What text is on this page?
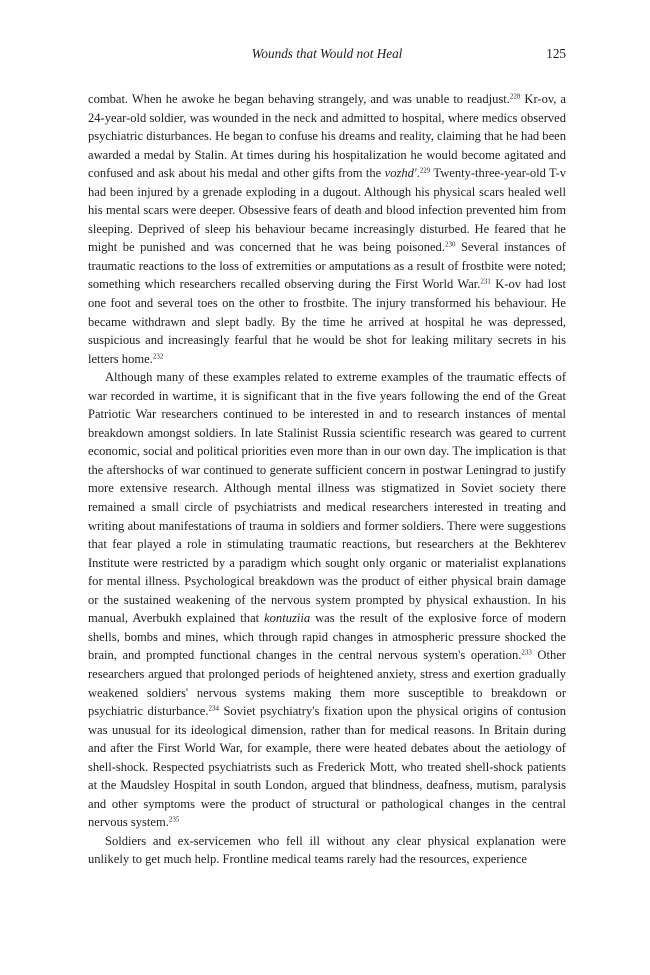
Wounds that Would not Heal	125

combat. When he awoke he began behaving strangely, and was unable to readjust.$^{228}$ Kr-ov, a 24-year-old soldier, was wounded in the neck and admitted to hospital, where medics observed psychiatric disturbances. He began to confuse his dreams and reality, claiming that he had been awarded a medal by Stalin. At times during his hospitalization he would become agitated and confused and ask about his medal and other gifts from the vozhd'.$^{229}$ Twenty-three-year-old T-v had been injured by a grenade exploding in a dugout. Although his physical scars healed well his mental scars were deeper. Obsessive fears of death and blood infection prevented him from sleeping. Deprived of sleep his behaviour became increasingly disturbed. He feared that he might be punished and was concerned that he was being poisoned.$^{230}$ Several instances of traumatic reactions to the loss of extremities or amputations as a result of frostbite were noted; something which researchers recalled observing during the First World War.$^{231}$ K-ov had lost one foot and several toes on the other to frostbite. The injury transformed his behaviour. He became withdrawn and slept badly. By the time he arrived at hospital he was depressed, suspicious and increasingly fearful that he would be shot for leaking military secrets in his letters home.$^{232}$

Although many of these examples related to extreme examples of the traumatic effects of war recorded in wartime, it is significant that in the five years following the end of the Great Patriotic War researchers continued to be interested in and to research instances of mental breakdown amongst soldiers. In late Stalinist Russia scientific research was geared to current economic, social and political priorities even more than in our own day. The implication is that the aftershocks of war continued to generate sufficient concern in postwar Leningrad to justify more extensive research. Although mental illness was stigmatized in Soviet society there remained a small circle of psychiatrists and medical researchers interested in treating and writing about manifestations of trauma in soldiers and former soldiers. There were suggestions that fear played a role in stimulating traumatic reactions, but researchers at the Bekhterev Institute were restricted by a paradigm which sought only organic or materialist explanations for mental illness. Psychological breakdown was the product of either physical brain damage or the sustained weakening of the nervous system prompted by physical exhaustion. In his manual, Averbukh explained that kontuziia was the result of the explosive force of modern shells, bombs and mines, which through rapid changes in atmospheric pressure shocked the brain, and prompted functional changes in the central nervous system's operation.$^{233}$ Other researchers argued that prolonged periods of heightened anxiety, stress and exertion gradually weakened soldiers' nervous systems making them more susceptible to breakdown or psychiatric disturbance.$^{234}$ Soviet psychiatry's fixation upon the physical origins of contusion was unusual for its ideological dimension, rather than for medical reasons. In Britain during and after the First World War, for example, there were heated debates about the aetiology of shell-shock. Respected psychiatrists such as Frederick Mott, who treated shell-shock patients at the Maudsley Hospital in south London, argued that blindness, deafness, mutism, paralysis and other symptoms were the product of structural or pathological changes in the central nervous system.$^{235}$

Soldiers and ex-servicemen who fell ill without any clear physical explanation were unlikely to get much help. Frontline medical teams rarely had the resources, experience
